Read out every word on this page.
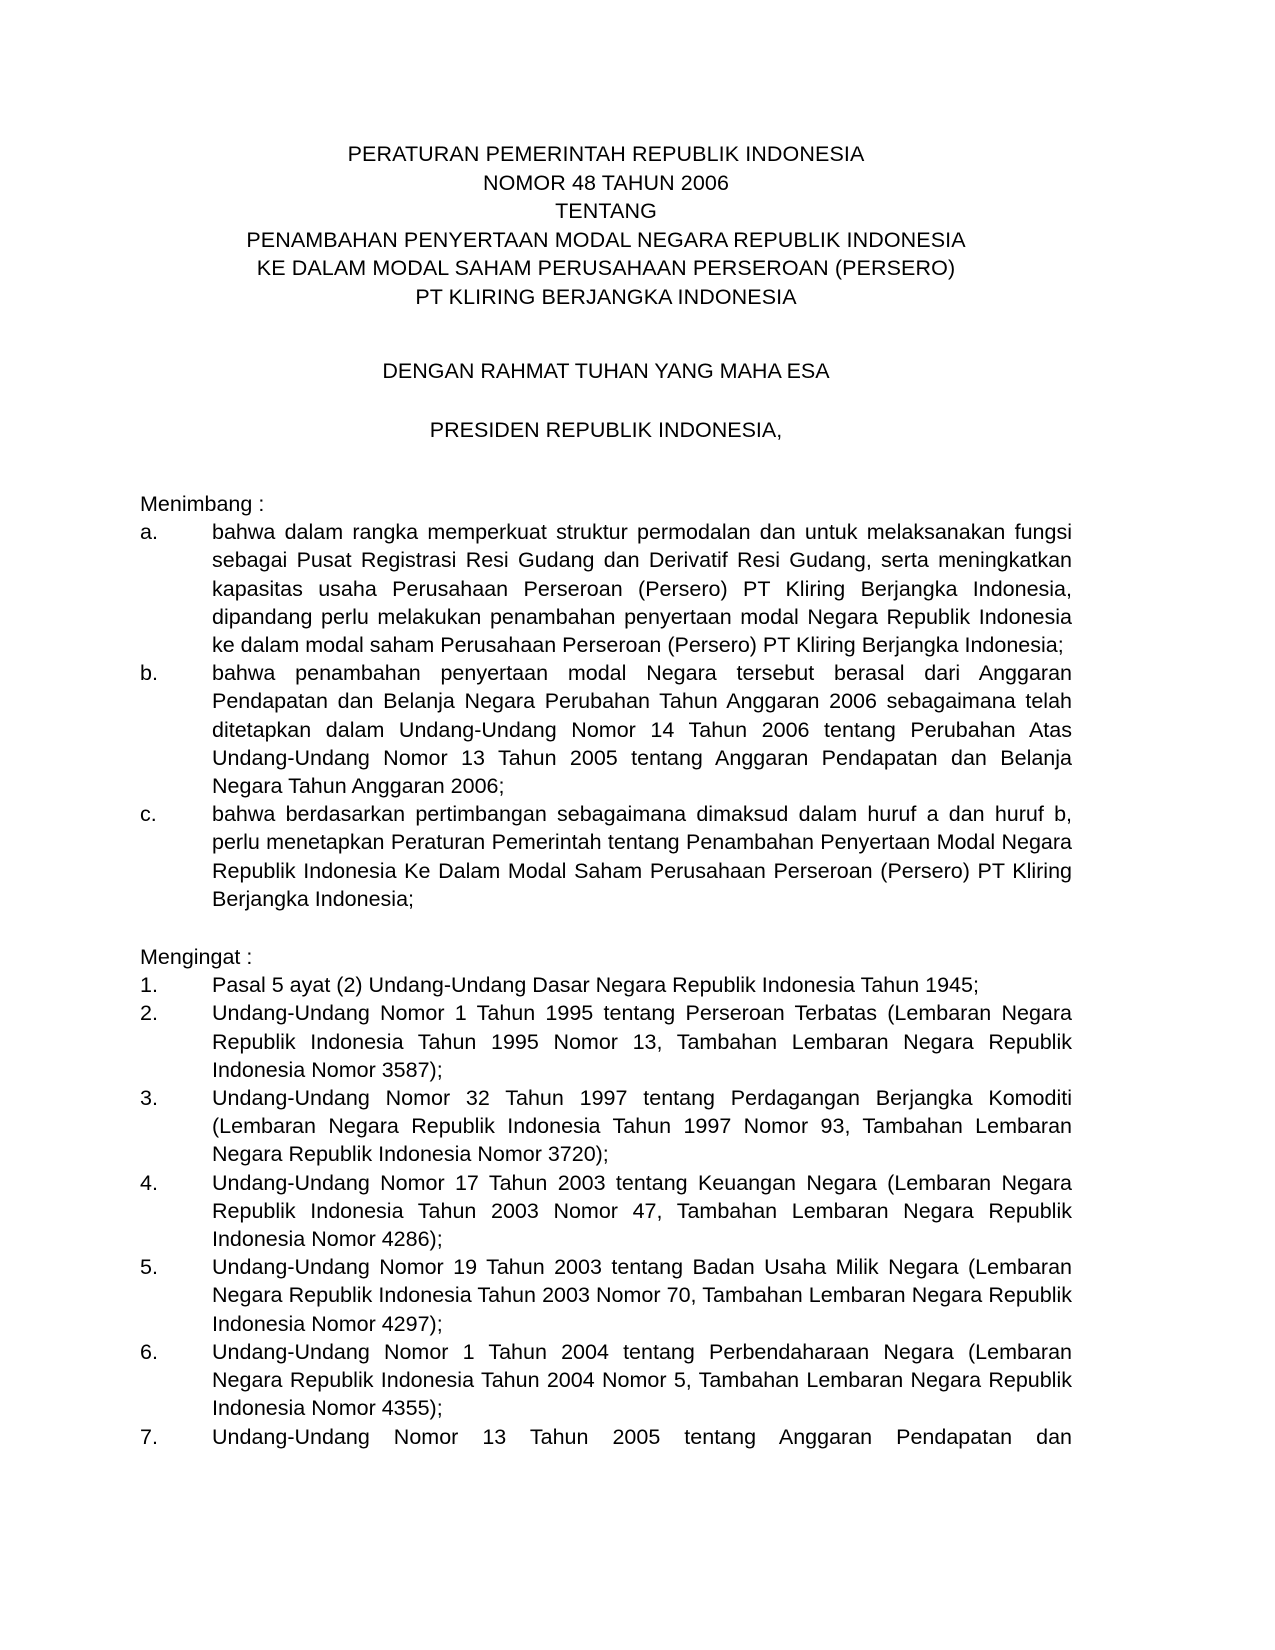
PERATURAN PEMERINTAH REPUBLIK INDONESIA
NOMOR 48 TAHUN 2006
TENTANG
PENAMBAHAN PENYERTAAN MODAL NEGARA REPUBLIK INDONESIA
KE DALAM MODAL SAHAM PERUSAHAAN PERSEROAN (PERSERO)
PT KLIRING BERJANGKA INDONESIA
DENGAN RAHMAT TUHAN YANG MAHA ESA
PRESIDEN REPUBLIK INDONESIA,
Menimbang :
a.	bahwa dalam rangka memperkuat struktur permodalan dan untuk melaksanakan fungsi sebagai Pusat Registrasi Resi Gudang dan Derivatif Resi Gudang, serta meningkatkan kapasitas usaha Perusahaan Perseroan (Persero) PT Kliring Berjangka Indonesia, dipandang perlu melakukan penambahan penyertaan modal Negara Republik Indonesia ke dalam modal saham Perusahaan Perseroan (Persero) PT Kliring Berjangka Indonesia;
b.	bahwa penambahan penyertaan modal Negara tersebut berasal dari Anggaran Pendapatan dan Belanja Negara Perubahan Tahun Anggaran 2006 sebagaimana telah ditetapkan dalam Undang-Undang Nomor 14 Tahun 2006 tentang Perubahan Atas Undang-Undang Nomor 13 Tahun 2005 tentang Anggaran Pendapatan dan Belanja Negara Tahun Anggaran 2006;
c.	bahwa berdasarkan pertimbangan sebagaimana dimaksud dalam huruf a dan huruf b, perlu menetapkan Peraturan Pemerintah tentang Penambahan Penyertaan Modal Negara Republik Indonesia Ke Dalam Modal Saham Perusahaan Perseroan (Persero) PT Kliring Berjangka Indonesia;
Mengingat :
1.	Pasal 5 ayat (2) Undang-Undang Dasar Negara Republik Indonesia Tahun 1945;
2.	Undang-Undang Nomor 1 Tahun 1995 tentang Perseroan Terbatas (Lembaran Negara Republik Indonesia Tahun 1995 Nomor 13, Tambahan Lembaran Negara Republik Indonesia Nomor 3587);
3.	Undang-Undang Nomor 32 Tahun 1997 tentang Perdagangan Berjangka Komoditi (Lembaran Negara Republik Indonesia Tahun 1997 Nomor 93, Tambahan Lembaran Negara Republik Indonesia Nomor 3720);
4.	Undang-Undang Nomor 17 Tahun 2003 tentang Keuangan Negara (Lembaran Negara Republik Indonesia Tahun 2003 Nomor 47, Tambahan Lembaran Negara Republik Indonesia Nomor 4286);
5.	Undang-Undang Nomor 19 Tahun 2003 tentang Badan Usaha Milik Negara (Lembaran Negara Republik Indonesia Tahun 2003 Nomor 70, Tambahan Lembaran Negara Republik Indonesia Nomor 4297);
6.	Undang-Undang Nomor 1 Tahun 2004 tentang Perbendaharaan Negara (Lembaran Negara Republik Indonesia Tahun 2004 Nomor 5, Tambahan Lembaran Negara Republik Indonesia Nomor 4355);
7.	Undang-Undang Nomor 13 Tahun 2005 tentang Anggaran Pendapatan dan
